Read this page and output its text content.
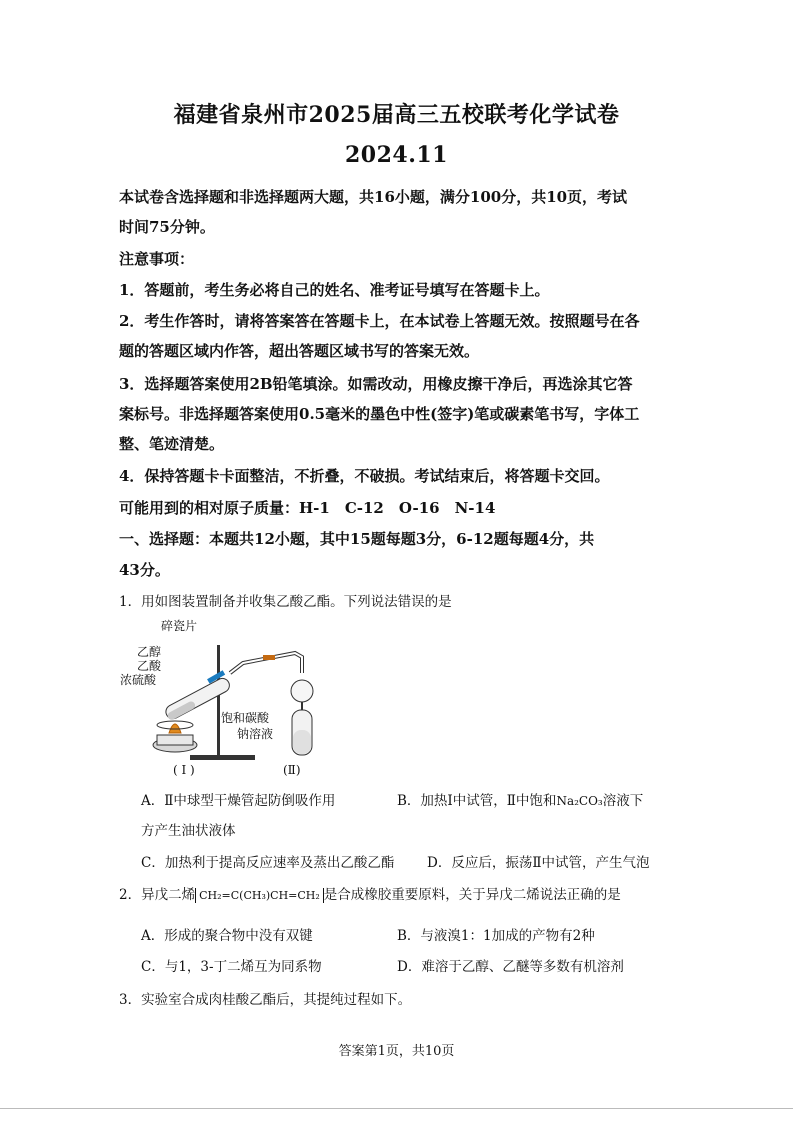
福建省泉州市2025届高三五校联考化学试卷
2024.11
本试卷含选择题和非选择题两大题，共16小题，满分100分，共10页，考试
时间75分钟。
注意事项：
1．答题前，考生务必将自己的姓名、准考证号填写在答题卡上。
2．考生作答时，请将答案答在答题卡上，在本试卷上答题无效。按照题号在各
题的答题区域内作答，超出答题区域书写的答案无效。
3．选择题答案使用2B铅笔填涂。如需改动，用橡皮擦干净后，再选涂其它答
案标号。非选择题答案使用0.5毫米的墨色中性(签字)笔或碳素笔书写，字体工
整、笔迹清楚。
4．保持答题卡卡面整洁，不折叠，不破损。考试结束后，将答题卡交回。
可能用到的相对原子质量：H-1　C-12　O-16　N-14
一、选择题：本题共12小题，其中15题每题3分，6-12题每题4分，共
43分。
1．用如图装置制备并收集乙酸乙酯。下列说法错误的是
碎瓷片
乙醇
乙酸
浓硫酸
饱和碳酸
钠溶液
( I )	(Ⅱ)
A．Ⅱ中球型干燥管起防倒吸作用	B．加热Ⅰ中试管，Ⅱ中饱和Na₂CO₃溶液下
方产生油状液体
C．加热利于提高反应速率及蒸出乙酸乙酯 D．反应后，振荡Ⅱ中试管，产生气泡
2．异戊二烯 CH₂=C(CH₃)CH=CH₂ 是合成橡胶重要原料，关于异戊二烯说法正确的是
A．形成的聚合物中没有双键	B．与液溴1：1加成的产物有2种
C．与1，3-丁二烯互为同系物	D．难溶于乙醇、乙醚等多数有机溶剂
3．实验室合成肉桂酸乙酯后，其提纯过程如下。
答案第1页，共10页
